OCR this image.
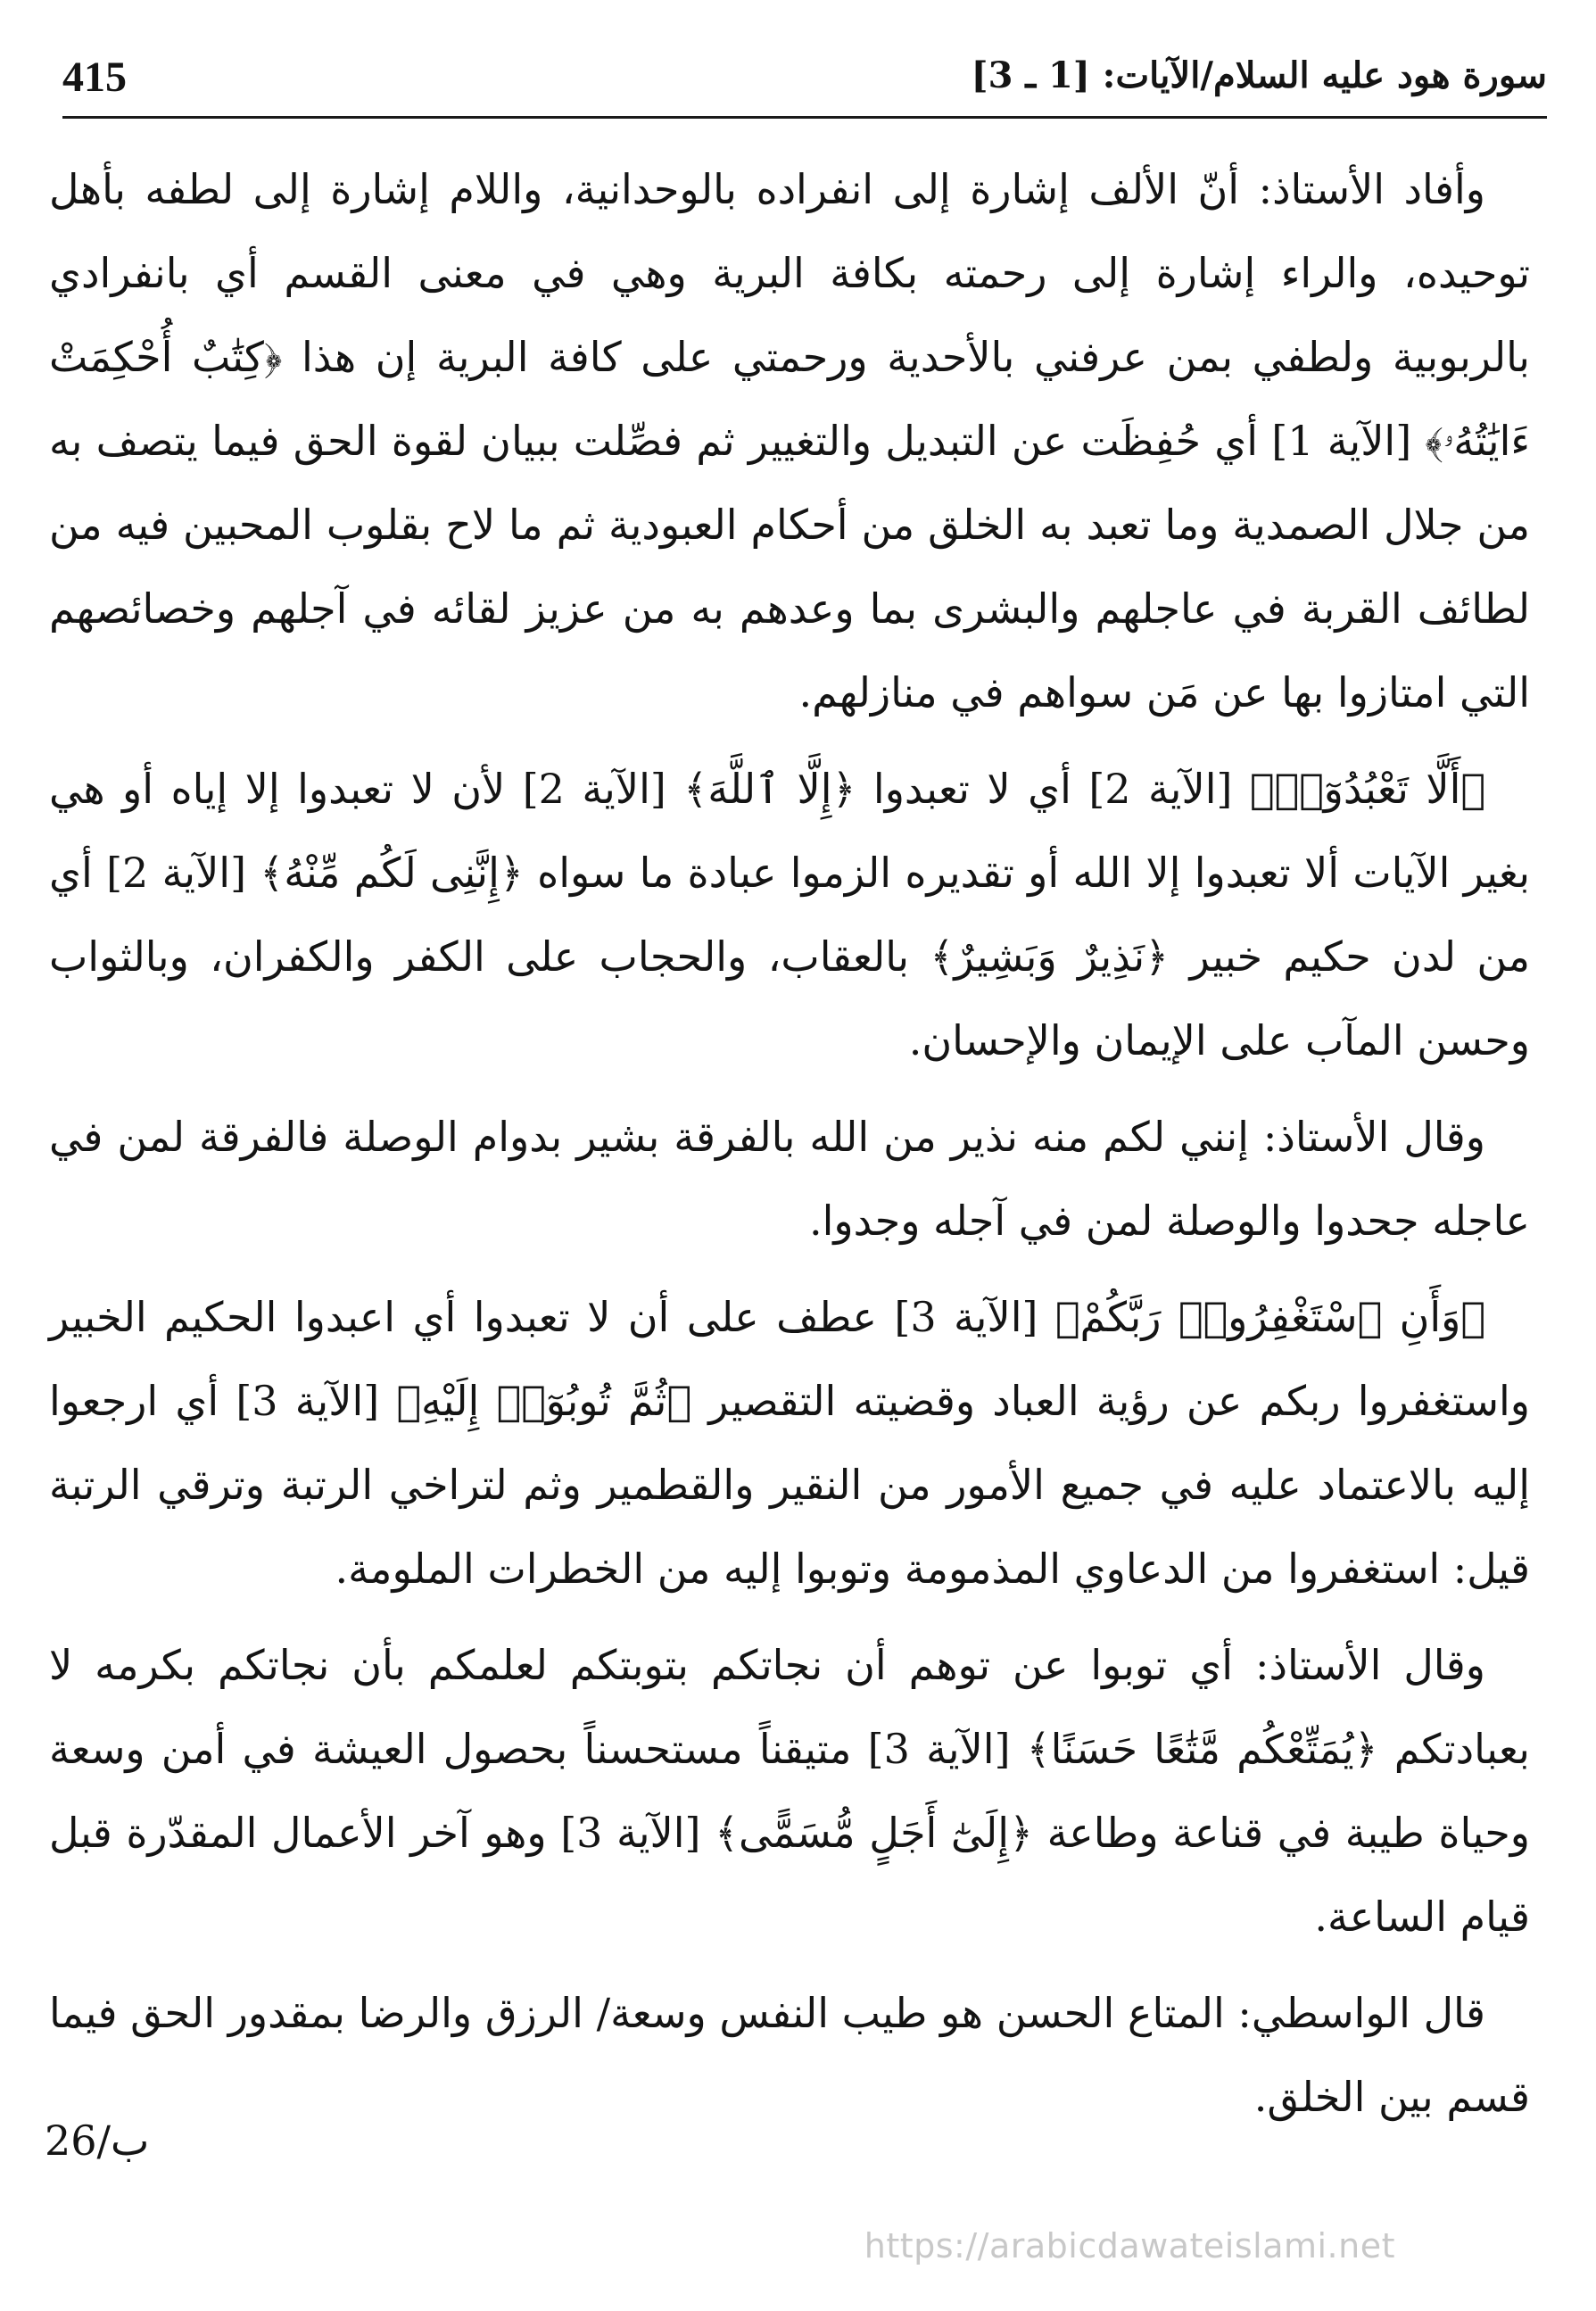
415	سورة هود عليه السلام/الآيات: [1 ـ 3]

وأفاد الأستاذ: أنّ الألف إشارة إلى انفراده بالوحدانية، واللام إشارة إلى لطفه بأهل توحيده، والراء إشارة إلى رحمته بكافة البرية وهي في معنى القسم أي بانفرادي بالربوبية ولطفي بمن عرفني بالأحدية ورحمتي على كافة البرية إن هذا ﴿كِتَٰبٌ أُحْكِمَتْ ءَايَٰتُهُۥ﴾ [الآية 1] أي حُفِظَت عن التبديل والتغيير ثم فصِّلت ببيان لقوة الحق فيما يتصف به من جلال الصمدية وما تعبد به الخلق من أحكام العبودية ثم ما لاح بقلوب المحبين فيه من لطائف القربة في عاجلهم والبشرى بما وعدهم به من عزيز لقائه في آجلهم وخصائصهم التي امتازوا بها عن مَن سواهم في منازلهم.

﴿أَلَّا تَعْبُدُوٓا۟﴾ [الآية 2] أي لا تعبدوا ﴿إِلَّا ٱللَّهَ﴾ [الآية 2] لأن لا تعبدوا إلا إياه أو هي بغير الآيات ألا تعبدوا إلا الله أو تقديره الزموا عبادة ما سواه ﴿إِنَّنِى لَكُم مِّنْهُ﴾ [الآية 2] أي من لدن حكيم خبير ﴿نَذِيرٌ وَبَشِيرٌ﴾ بالعقاب، والحجاب على الكفر والكفران، وبالثواب وحسن المآب على الإيمان والإحسان.

وقال الأستاذ: إنني لكم منه نذير من الله بالفرقة بشير بدوام الوصلة فالفرقة لمن في عاجله جحدوا والوصلة لمن في آجله وجدوا.

﴿وَأَنِ ٱسْتَغْفِرُوا۟ رَبَّكُمْ﴾ [الآية 3] عطف على أن لا تعبدوا أي اعبدوا الحكيم الخبير واستغفروا ربكم عن رؤية العباد وقضيته التقصير ﴿ثُمَّ تُوبُوٓا۟ إِلَيْهِ﴾ [الآية 3] أي ارجعوا إليه بالاعتماد عليه في جميع الأمور من النقير والقطمير وثم لتراخي الرتبة وترقي الرتبة قيل: استغفروا من الدعاوي المذمومة وتوبوا إليه من الخطرات الملومة.

وقال الأستاذ: أي توبوا عن توهم أن نجاتكم بتوبتكم لعلمكم بأن نجاتكم بكرمه لا بعبادتكم ﴿يُمَتِّعْكُم مَّتَٰعًا حَسَنًا﴾ [الآية 3] متيقناً مستحسناً بحصول العيشة في أمن وسعة وحياة طيبة في قناعة وطاعة ﴿إِلَىٰٓ أَجَلٍ مُّسَمًّى﴾ [الآية 3] وهو آخر الأعمال المقدّرة قبل قيام الساعة.

قال الواسطي: المتاع الحسن هو طيب النفس وسعة/ الرزق والرضا بمقدور الحق فيما قسم بين الخلق.

26/ب
https://arabicdawateislami.net
